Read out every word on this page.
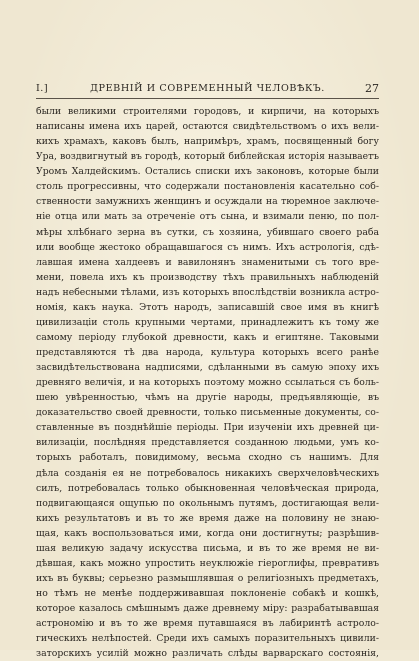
I.]	ДРЕВНІЙ И СОВРЕМЕННЫЙ ЧЕЛОВѢКЪ.	27
были великими строителями городовъ, и кирпичи, на которыхъ
написаны имена ихъ царей, остаются свидѣтельствомъ о ихъ вели-
кихъ храмахъ, каковъ былъ, напримѣръ, храмъ, посвященный богу
Ура, воздвигнутый въ городѣ, который библейская исторія называетъ
Уромъ Халдейскимъ. Остались списки ихъ законовъ, которые были
столь прогрессивны, что содержали постановленія касательно соб-
ственности замужнихъ женщинъ и осуждали на тюремное заключе-
ніе отца или мать за отреченіе отъ сына, и взимали пеню, по пол-
мѣры хлѣбнаго зерна въ сутки, съ хозяина, убившаго своего раба
или вообще жестоко обращавшагося съ нимъ. Ихъ астрологія, сдѣ-
лавшая имена халдеевъ и вавилонянъ знаменитыми съ того вре-
мени, повела ихъ къ производству тѣхъ правильныхъ наблюденій
надъ небесными тѣлами, изъ которыхъ впослѣдствіи возникла астро-
номія, какъ наука. Этотъ народъ, записавшій свое имя въ книгѣ
цивилизаціи столь крупными чертами, принадлежитъ къ тому же
самому періоду глубокой древности, какъ и египтяне. Таковыми
представляются тѣ два народа, культура которыхъ всего ранѣе
засвидѣтельствована надписями, сдѣланными въ самую эпоху ихъ
древняго величія, и на которыхъ поэтому можно ссылаться съ боль-
шею увѣренностью, чѣмъ на другіе народы, предъявляющіе, въ
доказательство своей древности, только письменные документы, со-
ставленные въ позднѣйшіе періоды. При изученіи ихъ древней ци-
вилизаціи, послѣдняя представляется созданною людьми, умъ ко-
торыхъ работалъ, повидимому, весьма сходно съ нашимъ. Для
дѣла созданія ея не потребовалось никакихъ сверхчеловѣческихъ
силъ, потребовалась только обыкновенная человѣческая природа,
подвигающаяся ощупью по окольнымъ путямъ, достигающая вели-
кихъ результатовъ и въ то же время даже на половину не знаю-
щая, какъ воспользоваться ими, когда они достигнуты; разрѣшив-
шая великую задачу искусства письма, и въ то же время не ви-
дѣвшая, какъ можно упростить неуклюжіе гіероглифы, превративъ
ихъ въ буквы; серьезно размышлявшая о религіозныхъ предметахъ,
но тѣмъ не менѣе поддерживавшая поклоненіе собакѣ и кошкѣ,
которое казалось смѣшнымъ даже древнему міру: разрабатывавшая
астрономію и въ то же время путавшаяся въ лабиринтѣ астроло-
гическихъ нелѣпостей. Среди ихъ самыхъ поразительныхъ цивили-
заторскихъ усилій можно различать слѣды варварскаго состоянія,
